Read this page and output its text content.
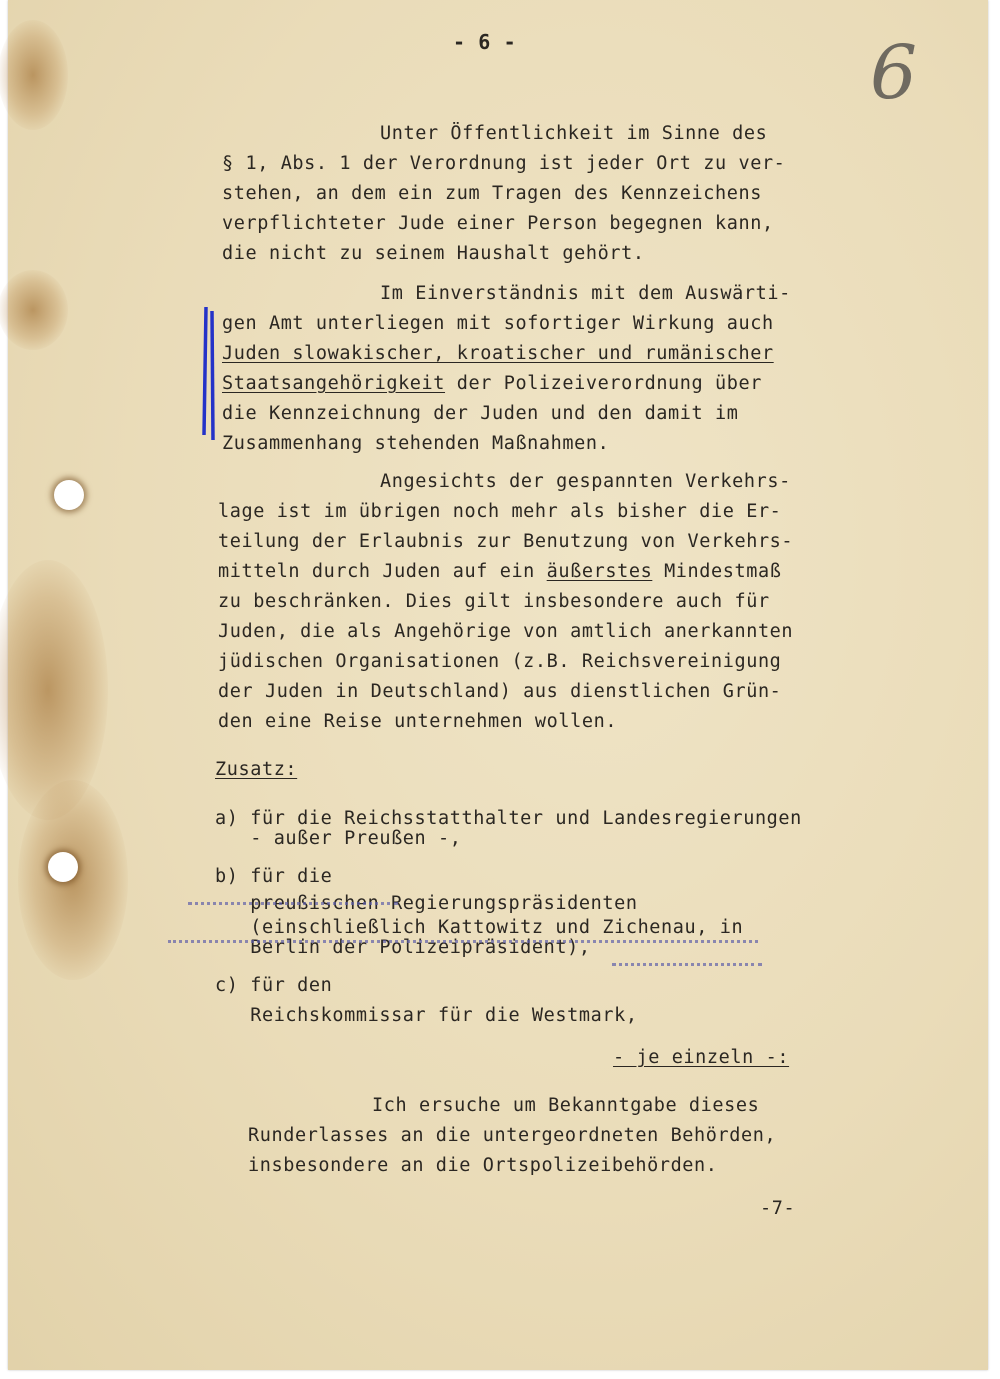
- 6 -	6
Unter Öffentlichkeit im Sinne des
§ 1, Abs. 1 der Verordnung ist jeder Ort zu ver-
stehen, an dem ein zum Tragen des Kennzeichens
verpflichteter Jude einer Person begegnen kann,
die nicht zu seinem Haushalt gehört.
Im Einverständnis mit dem Auswärti-
gen Amt unterliegen mit sofortiger Wirkung auch
Juden slowakischer, kroatischer und rumänischer
Staatsangehörigkeit der Polizeiverordnung über
die Kennzeichnung der Juden und den damit im
Zusammenhang stehenden Maßnahmen.
Angesichts der gespannten Verkehrs-
lage ist im übrigen noch mehr als bisher die Er-
teilung der Erlaubnis zur Benutzung von Verkehrs-
mitteln durch Juden auf ein äußerstes Mindestmaß
zu beschränken. Dies gilt insbesondere auch für
Juden, die als Angehörige von amtlich anerkannten
jüdischen Organisationen (z.B. Reichsvereinigung
der Juden in Deutschland) aus dienstlichen Grün-
den eine Reise unternehmen wollen.
Zusatz:
a) für die Reichsstatthalter und Landesregierungen
- außer Preußen -,
b) für die
preußischen Regierungspräsidenten
(einschließlich Kattowitz und Zichenau, in
Berlin der Polizeipräsident),
c) für den
Reichskommissar für die Westmark,
- je einzeln -:
Ich ersuche um Bekanntgabe dieses
Runderlasses an die untergeordneten Behörden,
insbesondere an die Ortspolizeibehörden.
-7-
